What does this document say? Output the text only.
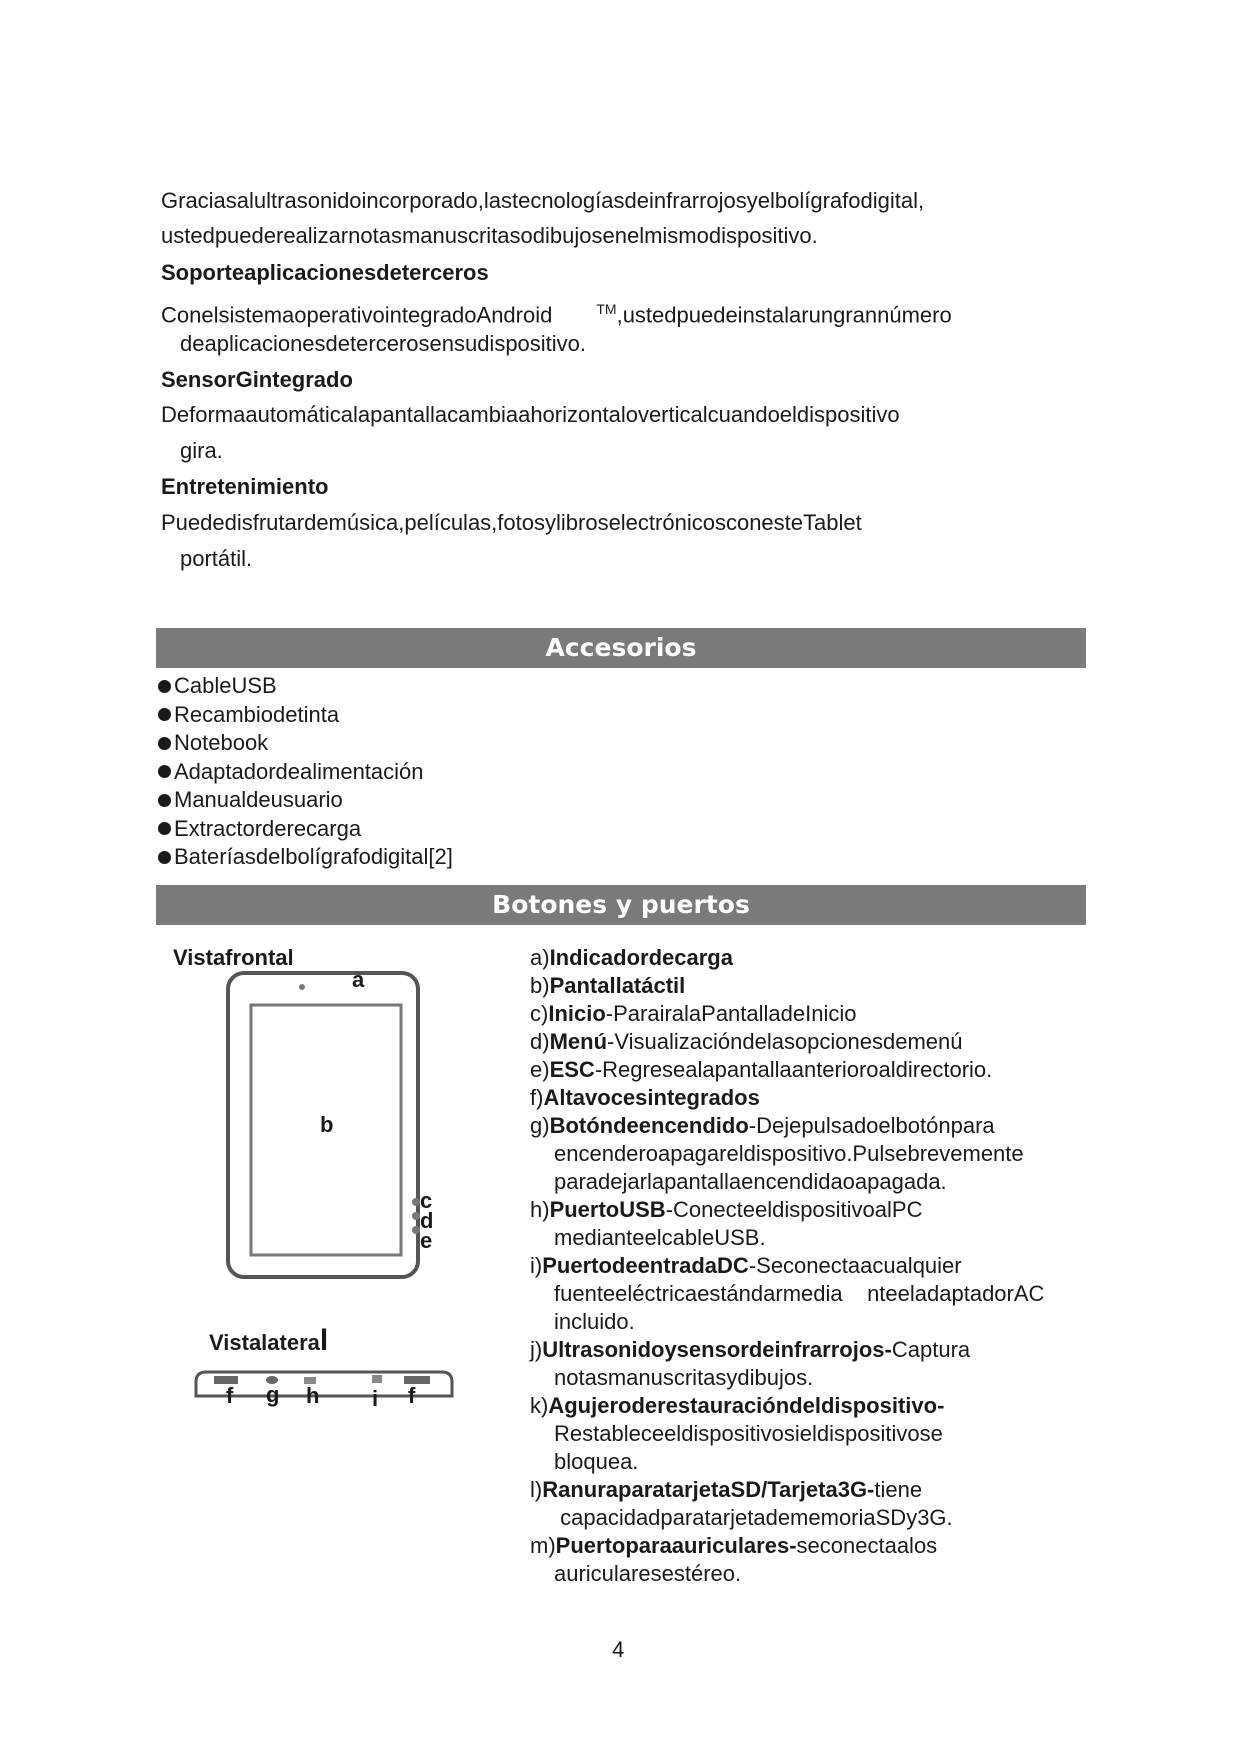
Graciasalultrasonidoincorporado,lastecnologíasdeinfrarrojosyelbolígrafodigital,
ustedpuederealizarnotasmanuscritasodibujosenelmismodispositivo.
Soporteaplicacionesdeterceros
ConelsistemaoperativointegradoAndroid	™,ustedpuedeinstalarungrannúmero
deaplicacionesdetercerosensudispositivo.
SensorGintegrado
Deformaautomáticalapantallacambiaahorizontaloverticalcuandoeldispositivo
gira.
Entretenimiento
Puededisfrutardemúsica,películas,fotosylibroselectrónicosconesteTablet
portátil.
Accesorios
CableUSB
Recambiodetinta
Notebook
Adaptadordealimentación
Manualdeusuario
Extractorderecarga
Bateríasdelbolígrafodigital[2]
Botones y puertos
Vistafrontal
a
b
c
d
e
Vistalateral
f g h i f
a)Indicadordecarga
b)Pantallatáctil
c)Inicio-ParairalaPantalladeInicio
d)Menú-Visualizacióndelasopcionesdemenú
e)ESC-Regresealapantallaanterioroaldirectorio.
f)Altavocesintegrados
g)Botóndeencendido-Dejepulsadoelbotónpara
encenderoapagareldispositivo.Pulsebrevemente
paradejarlapantallaencendidaoapagada.
h)PuertoUSB-ConecteeldispositivoalPC
medianteelcableUSB.
i)PuertodeentradaDC-Seconectaacualquier
fuenteeléctricaestándarmedia    nteeladaptadorAC
incluido.
j)Ultrasonidoysensordeinfrarrojos-Captura
notasmanuscritasydibujos.
k)Agujeroderestauracióndeldispositivo-
Restableceeldispositivosieldispositivose
bloquea.
l)RanuraparatarjetaSD/Tarjeta3G-tiene
capacidadparatarjetadememoriaSDy3G.
m)Puertoparaauriculares-seconectaalos
auricularesestéreo.
4
